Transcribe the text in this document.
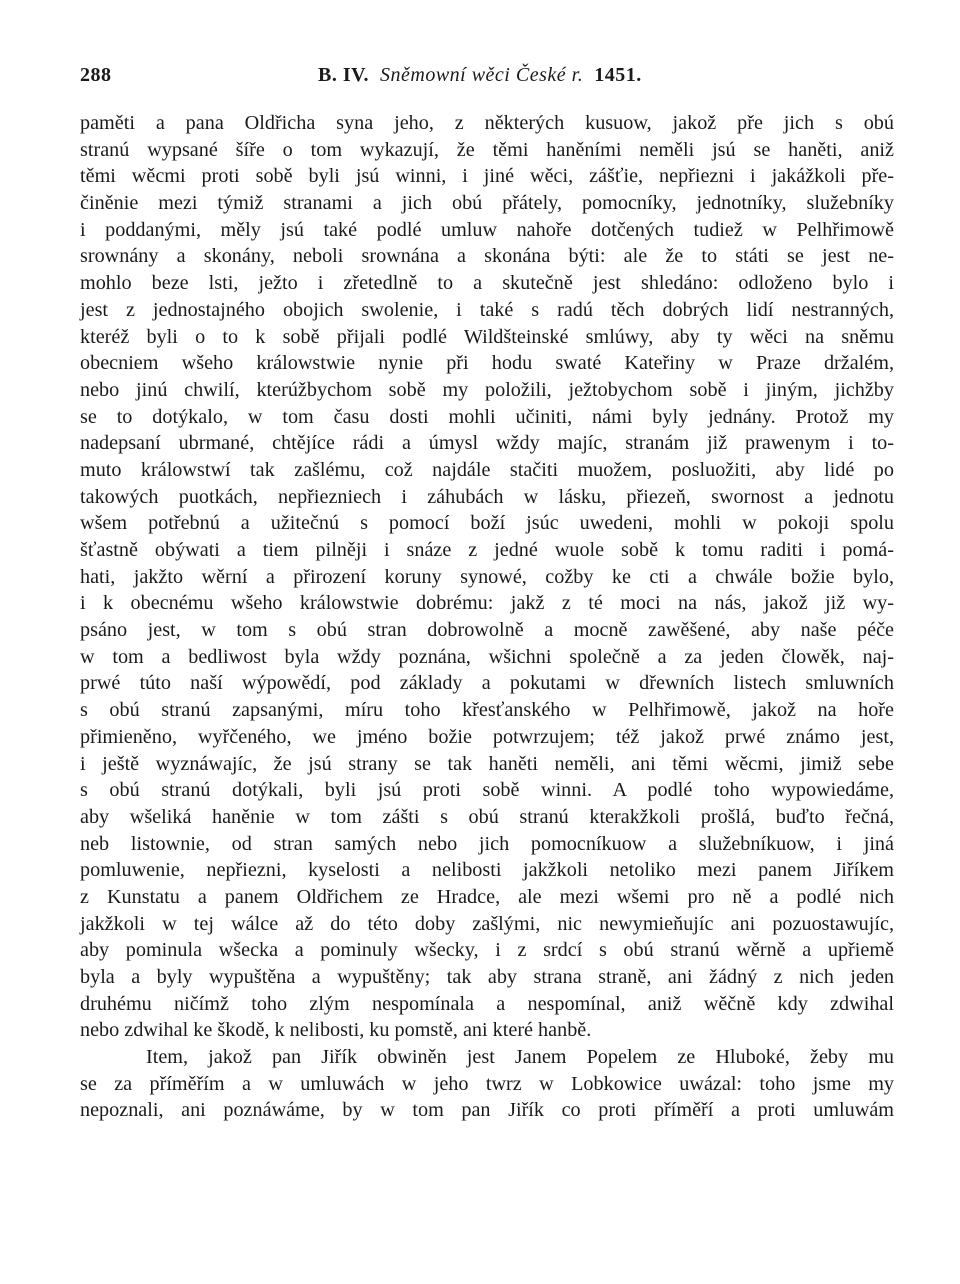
288	B. IV. Sněmowní wěci České r. 1451.
paměti a pana Oldřicha syna jeho, z některých kusuow, jakož pře jich s obú
stranú wypsané šíře o tom wykazují, že těmi haněními neměli jsú se haněti, aniž
těmi wěcmi proti sobě byli jsú winni, i jiné wěci, zášťie, nepřiezni i jakážkoli pře-
činěnie mezi týmiž stranami a jich obú přátely, pomocníky, jednotníky, služebníky
i poddanými, měly jsú také podlé umluw nahoře dotčených tudiež w Pelhřimowě
srownány a skonány, neboli srownána a skonána býti: ale že to státi se jest ne-
mohlo beze lsti, ježto i zřetedlně to a skutečně jest shledáno: odloženo bylo i
jest z jednostajného obojich swolenie, i také s radú těch dobrých lidí nestranných,
kteréž byli o to k sobě přijali podlé Wildšteinské smlúwy, aby ty wěci na sněmu
obecniem wšeho králowstwie nynie při hodu swaté Kateřiny w Praze držalém,
nebo jinú chwilí, kterúžbychom sobě my položili, ježtobychom sobě i jiným, jichžby
se to dotýkalo, w tom času dosti mohli učiniti, námi byly jednány. Protož my
nadepsaní ubrmané, chtějíce rádi a úmysl wždy majíc, stranám již prawenym i to-
muto králowstwí tak zašlému, což najdále stačiti muožem, posluožiti, aby lidé po
takowých puotkách, nepřiezniech i záhubách w lásku, přiezeň, swornost a jednotu
wšem potřebnú a užitečnú s pomocí boží jsúc uwedeni, mohli w pokoji spolu
šťastně obýwati a tiem pilněji i snáze z jedné wuole sobě k tomu raditi i pomá-
hati, jakžto wěrní a přirození koruny synowé, cožby ke cti a chwále božie bylo,
i k obecnému wšeho králowstwie dobrému: jakž z té moci na nás, jakož již wy-
psáno jest, w tom s obú stran dobrowolně a mocně zawěšené, aby naše péče
w tom a bedliwost byla wždy poznána, wšichni společně a za jeden člowěk, naj-
prwé túto naší wýpowědí, pod základy a pokutami w dřewních listech smluwních
s obú stranú zapsanými, míru toho křesťanského w Pelhřimowě, jakož na hoře
přimieněno, wyřčeného, we jméno božie potwrzujem; též jakož prwé známo jest,
i ještě wyznáwajíc, že jsú strany se tak haněti neměli, ani těmi wěcmi, jimiž sebe
s obú stranú dotýkali, byli jsú proti sobě winni. A podlé toho wypowiedáme,
aby wšeliká haněnie w tom zášti s obú stranú kterakžkoli prošlá, buďto řečná,
neb listownie, od stran samých nebo jich pomocníkuow a služebníkuow, i jiná
pomluwenie, nepřiezni, kyselosti a nelibosti jakžkoli netoliko mezi panem Jiříkem
z Kunstatu a panem Oldřichem ze Hradce, ale mezi wšemi pro ně a podlé nich
jakžkoli w tej wálce až do této doby zašlými, nic newymieňujíc ani pozuostawujíc,
aby pominula wšecka a pominuly wšecky, i z srdcí s obú stranú wěrně a upřiemě
byla a byly wypuštěna a wypuštěny; tak aby strana straně, ani žádný z nich jeden
druhému ničímž toho zlým nespomínala a nespomínal, aniž wěčně kdy zdwihal
nebo zdwihal ke škodě, k nelibosti, ku pomstě, ani které hanbě.
Item, jakož pan Jiřík obwiněn jest Janem Popelem ze Hluboké, žeby mu
se za příměřím a w umluwách w jeho twrz w Lobkowice uwázal: toho jsme my
nepoznali, ani poznáwáme, by w tom pan Jiřík co proti příměří a proti umluwám
